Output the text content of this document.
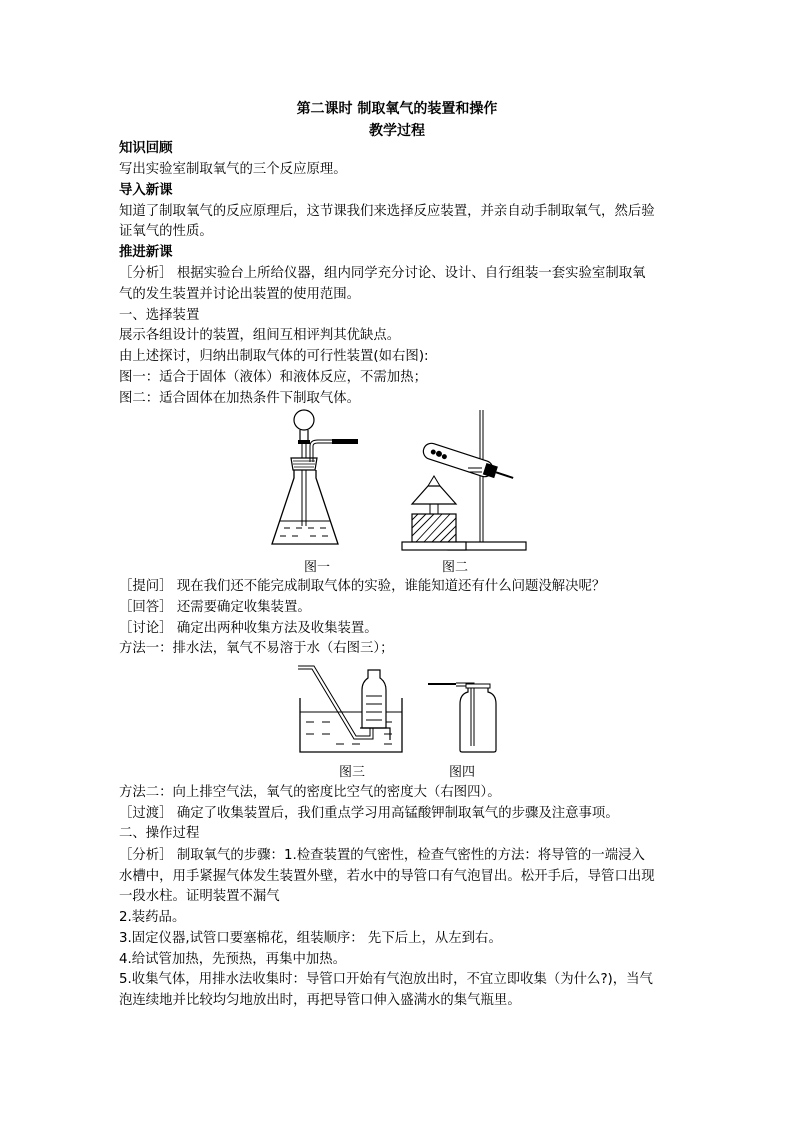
第二课时 制取氧气的装置和操作
教学过程
知识回顾
写出实验室制取氧气的三个反应原理。
导入新课
知道了制取氧气的反应原理后，这节课我们来选择反应装置，并亲自动手制取氧气，然后验
证氧气的性质。
推进新课
［分析］ 根据实验台上所给仪器，组内同学充分讨论、设计、自行组装一套实验室制取氧
气的发生装置并讨论出装置的使用范围。
一、选择装置
展示各组设计的装置，组间互相评判其优缺点。
由上述探讨，归纳出制取气体的可行性装置(如右图):
图一：适合于固体（液体）和液体反应，不需加热；
图二：适合固体在加热条件下制取气体。
图一	图二
［提问］ 现在我们还不能完成制取气体的实验，谁能知道还有什么问题没解决呢？
［回答］ 还需要确定收集装置。
［讨论］ 确定出两种收集方法及收集装置。
方法一：排水法，氧气不易溶于水（右图三）；
图三	图四
方法二：向上排空气法，氧气的密度比空气的密度大（右图四）。
［过渡］ 确定了收集装置后，我们重点学习用高锰酸钾制取氧气的步骤及注意事项。
二、操作过程
［分析］ 制取氧气的步骤：1.检查装置的气密性，检查气密性的方法：将导管的一端浸入
水槽中，用手紧握气体发生装置外壁，若水中的导管口有气泡冒出。松开手后，导管口出现
一段水柱。证明装置不漏气
2.装药品。
3.固定仪器,试管口要塞棉花，组装顺序： 先下后上，从左到右。
4.给试管加热，先预热，再集中加热。
5.收集气体，用排水法收集时：导管口开始有气泡放出时，不宜立即收集（为什么?)，当气
泡连续地并比较均匀地放出时，再把导管口伸入盛满水的集气瓶里。
